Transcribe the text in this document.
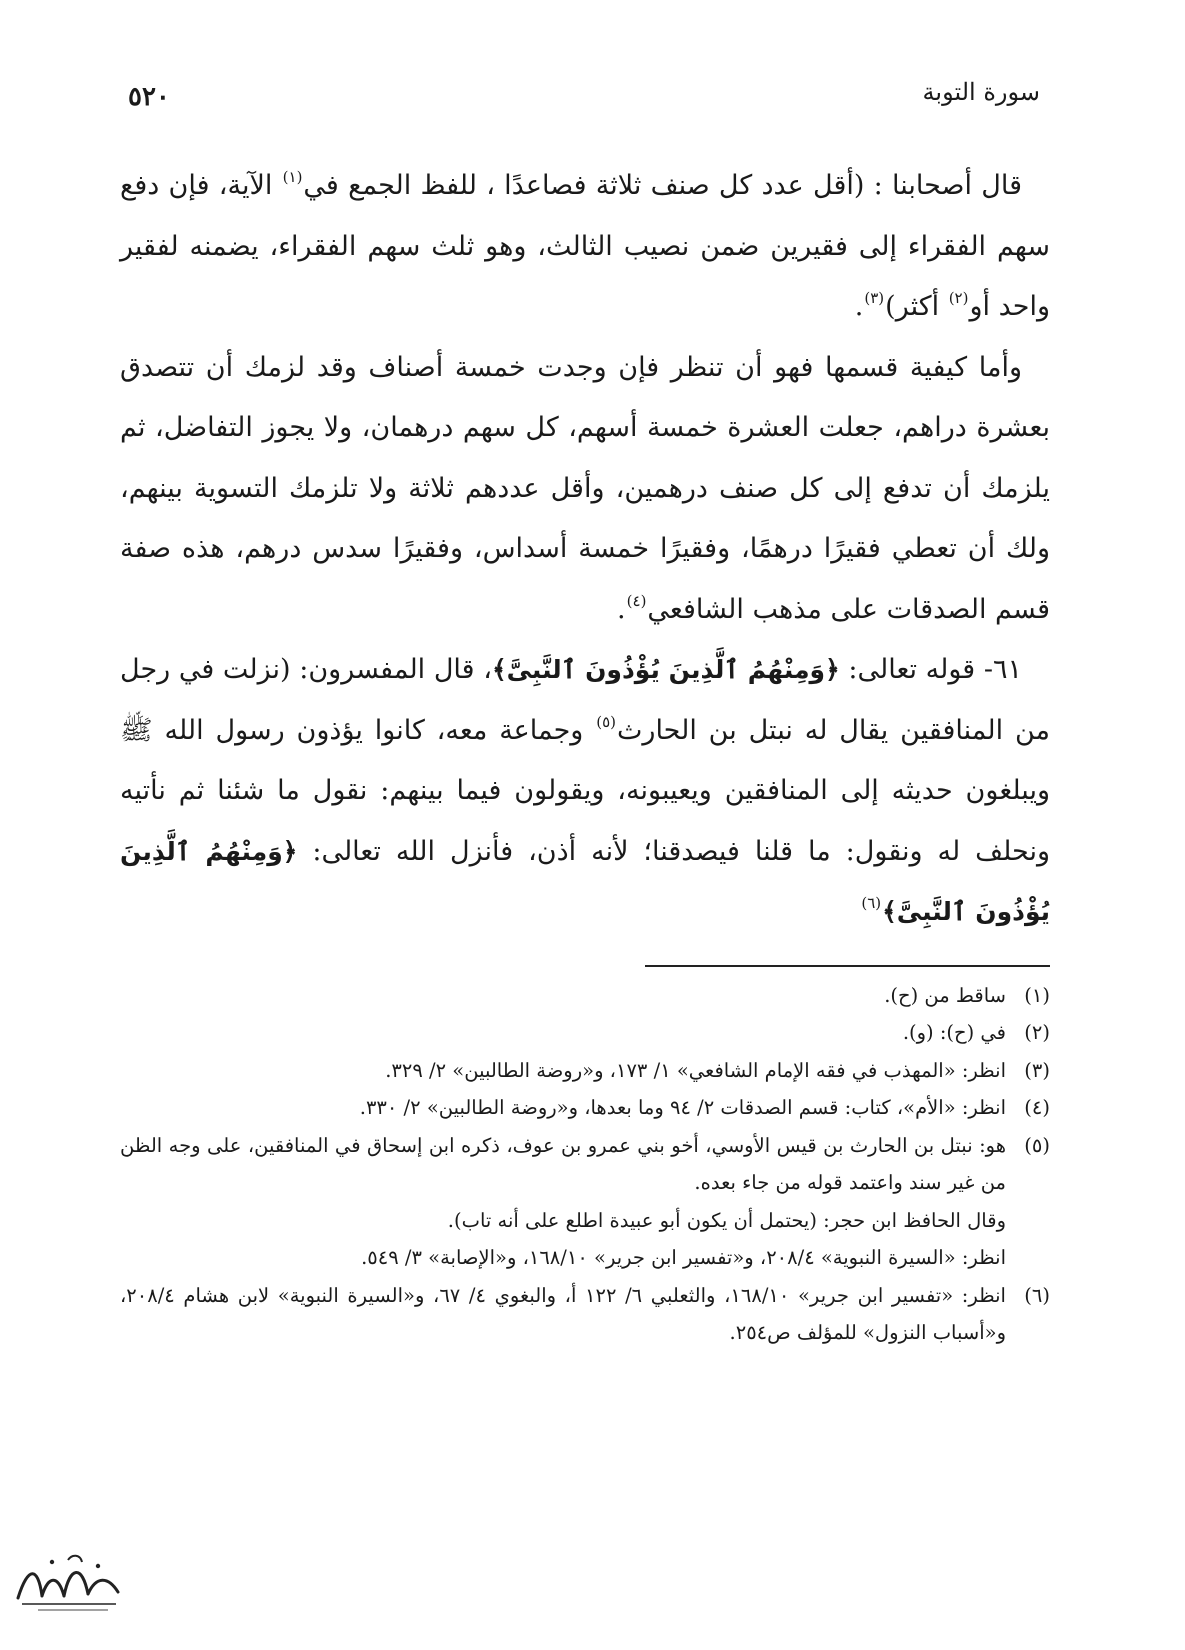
سورة التوبة
٥٢٠

قال أصحابنا : (أقل عدد كل صنف ثلاثة فصاعدًا ، للفظ الجمع في$^{(١)}$ الآية، فإن دفع سهم الفقراء إلى فقيرين ضمن نصيب الثالث، وهو ثلث سهم الفقراء، يضمنه لفقير واحد أو$^{(٢)}$ أكثر)$^{(٣)}$.

وأما كيفية قسمها فهو أن تنظر فإن وجدت خمسة أصناف وقد لزمك أن تتصدق بعشرة دراهم، جعلت العشرة خمسة أسهم، كل سهم درهمان، ولا يجوز التفاضل، ثم يلزمك أن تدفع إلى كل صنف درهمين، وأقل عددهم ثلاثة ولا تلزمك التسوية بينهم، ولك أن تعطي فقيرًا درهمًا، وفقيرًا خمسة أسداس، وفقيرًا سدس درهم، هذه صفة قسم الصدقات على مذهب الشافعي$^{(٤)}$.

٦١- قوله تعالى: ﴿وَمِنْهُمُ ٱلَّذِينَ يُؤْذُونَ ٱلنَّبِىَّ﴾، قال المفسرون: (نزلت في رجل من المنافقين يقال له نبتل بن الحارث$^{(٥)}$ وجماعة معه، كانوا يؤذون رسول الله ﷺ ويبلغون حديثه إلى المنافقين ويعيبونه، ويقولون فيما بينهم: نقول ما شئنا ثم نأتيه ونحلف له ونقول: ما قلنا فيصدقنا؛ لأنه أذن، فأنزل الله تعالى: ﴿وَمِنْهُمُ ٱلَّذِينَ يُؤْذُونَ ٱلنَّبِىَّ﴾$^{(٦)}$

(١)
ساقط من (ح).
(٢)
في (ح): (و).
(٣)
انظر: «المهذب في فقه الإمام الشافعي» ١/ ١٧٣، و«روضة الطالبين» ٢/ ٣٢٩.
(٤)
انظر: «الأم»، كتاب: قسم الصدقات ٢/ ٩٤ وما بعدها، و«روضة الطالبين» ٢/ ٣٣٠.
(٥)
هو: نبتل بن الحارث بن قيس الأوسي، أخو بني عمرو بن عوف، ذكره ابن إسحاق في المنافقين، على وجه الظن من غير سند واعتمد قوله من جاء بعده.
وقال الحافظ ابن حجر: (يحتمل أن يكون أبو عبيدة اطلع على أنه تاب).
انظر: «السيرة النبوية» ٢٠٨/٤، و«تفسير ابن جرير» ١٦٨/١٠، و«الإصابة» ٣/ ٥٤٩.
(٦)
انظر: «تفسير ابن جرير» ١٦٨/١٠، والثعلبي ٦/ ١٢٢ أ، والبغوي ٤/ ٦٧، و«السيرة النبوية» لابن هشام ٢٠٨/٤، و«أسباب النزول» للمؤلف ص٢٥٤.
